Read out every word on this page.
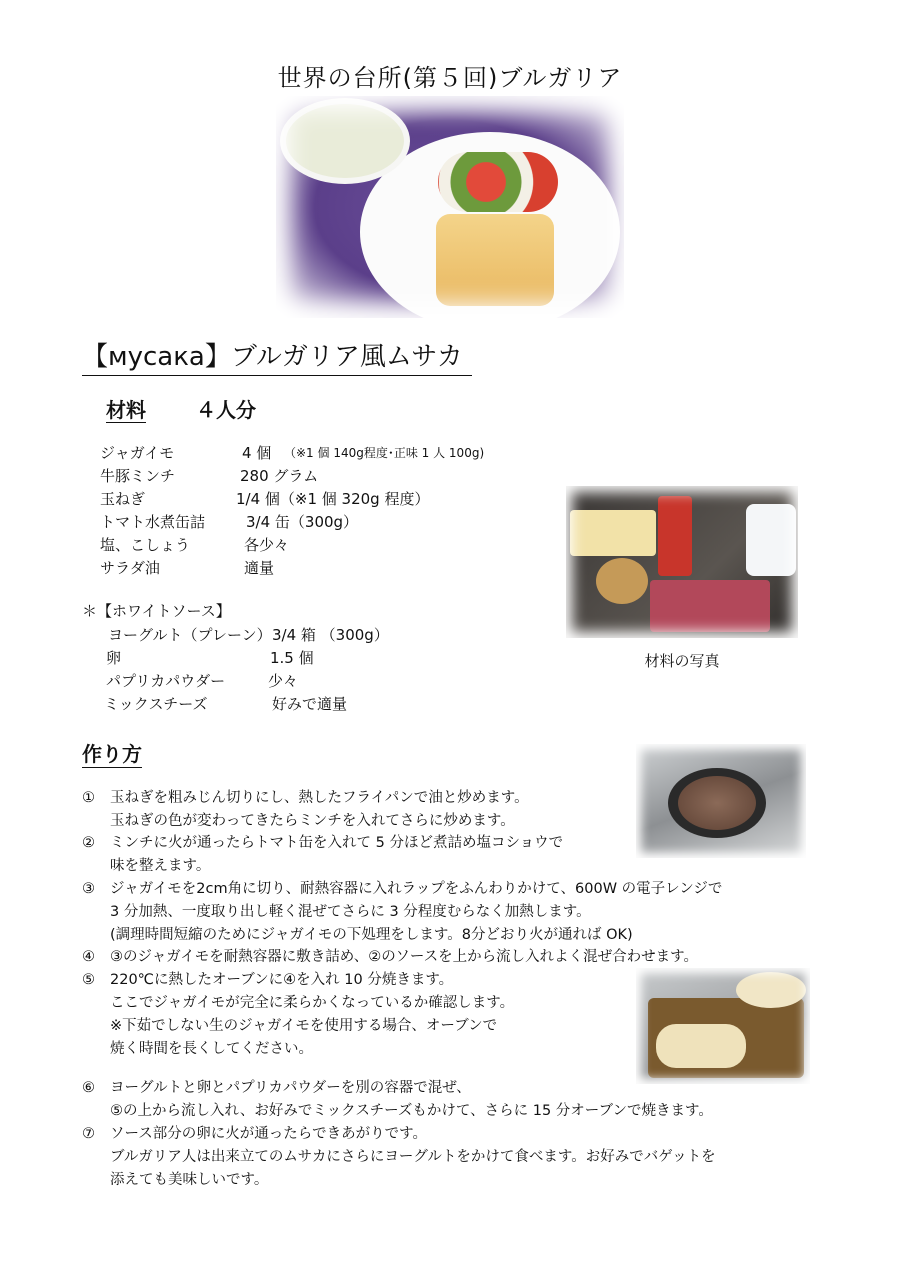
世界の台所(第５回)ブルガリア
【мусака】ブルガリア風ムサカ
材料	４人分
ジャガイモ	4 個 （※1 個 140g程度･正味 1 人 100g)
牛豚ミンチ	280 グラム
玉ねぎ	1/4 個（※1 個 320g 程度）
トマト水煮缶詰	3/4 缶（300g）
塩、こしょう	各少々
サラダ油	適量
＊【ホワイトソース】
ヨーグルト（プレーン） 3/4 箱 （300g）
卵	1.5 個
パプリカパウダー	少々
ミックスチーズ	好みで適量
材料の写真
作り方
① 玉ねぎを粗みじん切りにし、熱したフライパンで油と炒めます。
玉ねぎの色が変わってきたらミンチを入れてさらに炒めます。
② ミンチに火が通ったらトマト缶を入れて 5 分ほど煮詰め塩コショウで
味を整えます。
③ ジャガイモを2cm角に切り、耐熱容器に入れラップをふんわりかけて、600W の電子レンジで
3 分加熱、一度取り出し軽く混ぜてさらに 3 分程度むらなく加熱します。
(調理時間短縮のためにジャガイモの下処理をします。8分どおり火が通れば OK)
④ ③のジャガイモを耐熱容器に敷き詰め、②のソースを上から流し入れよく混ぜ合わせます。
⑤ 220℃に熱したオーブンに④を入れ 10 分焼きます。
ここでジャガイモが完全に柔らかくなっているか確認します。
※下茹でしない生のジャガイモを使用する場合、オーブンで
焼く時間を長くしてください。
⑥ ヨーグルトと卵とパプリカパウダーを別の容器で混ぜ、
⑤の上から流し入れ、お好みでミックスチーズもかけて、さらに 15 分オーブンで焼きます。
⑦ ソース部分の卵に火が通ったらできあがりです。
ブルガリア人は出来立てのムサカにさらにヨーグルトをかけて食べます。お好みでバゲットを
添えても美味しいです。
